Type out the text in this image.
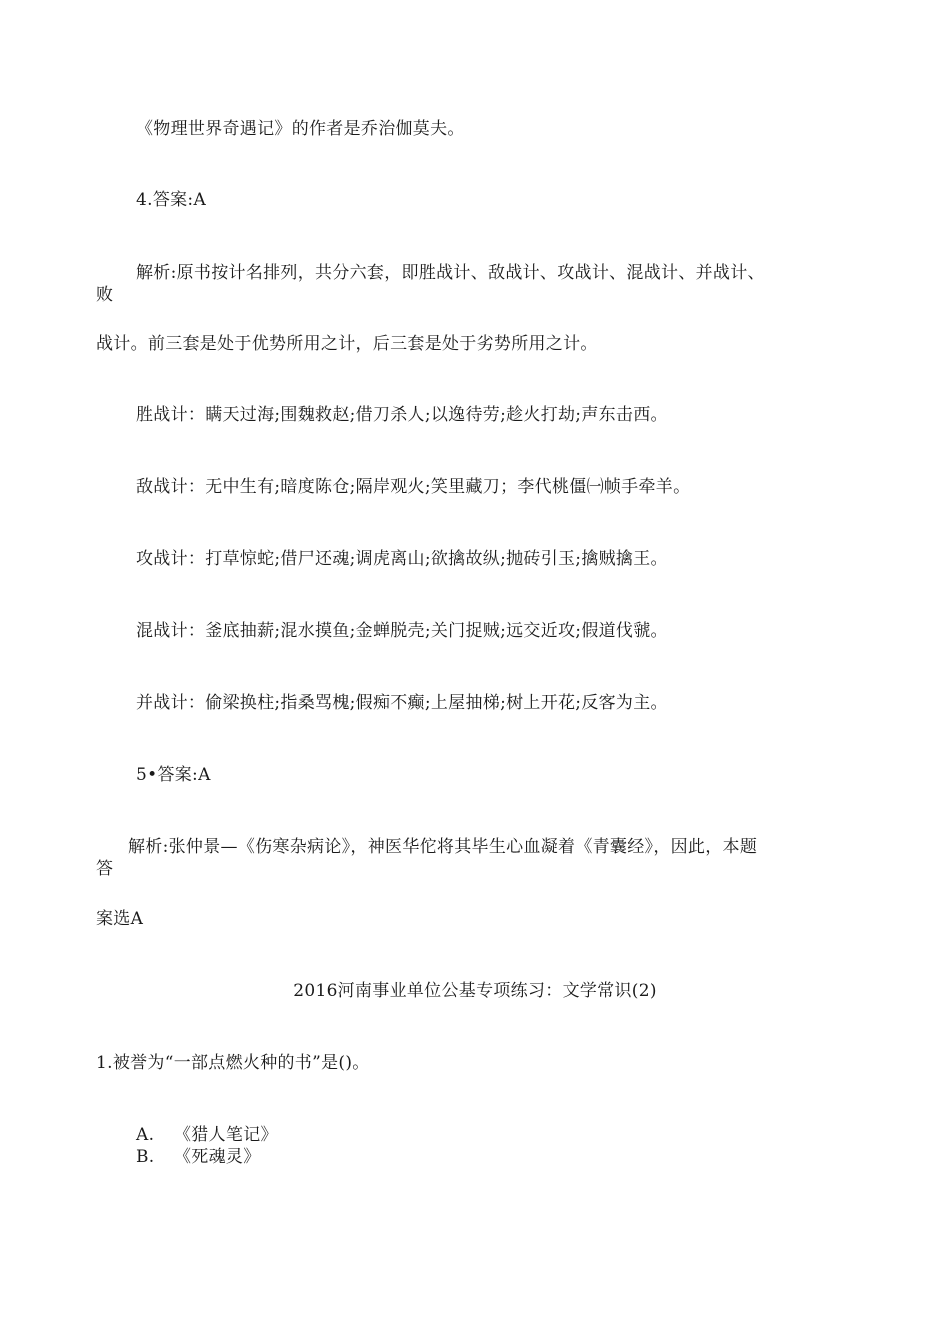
《物理世界奇遇记》的作者是乔治伽莫夫。
4.答案:A
解析:原书按计名排列，共分六套，即胜战计、敌战计、攻战计、混战计、并战计、
败
战计。前三套是处于优势所用之计，后三套是处于劣势所用之计。
胜战计：瞒天过海;围魏救赵;借刀杀人;以逸待劳;趁火打劫;声东击西。
敌战计：无中生有;暗度陈仓;隔岸观火;笑里藏刀；李代桃僵㈠帧手牵羊。
攻战计：打草惊蛇;借尸还魂;调虎离山;欲擒故纵;抛砖引玉;擒贼擒王。
混战计：釜底抽薪;混水摸鱼;金蝉脱壳;关门捉贼;远交近攻;假道伐虢。
并战计：偷梁换柱;指桑骂槐;假痴不癫;上屋抽梯;树上开花;反客为主。
5•答案:A
解析:张仲景—《伤寒杂病论》，神医华佗将其毕生心血凝着《青囊经》，因此，本题
答
案选A
2016河南事业单位公基专项练习：文学常识(2)
1.被誉为“一部点燃火种的书”是()。
A. 《猎人笔记》
B. 《死魂灵》
